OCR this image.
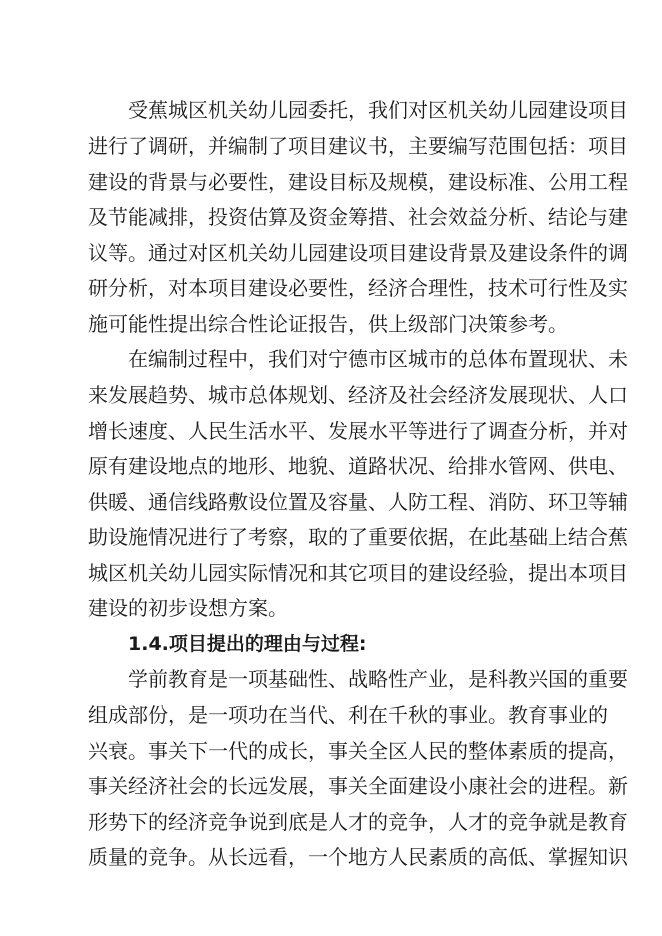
受蕉城区机关幼儿园委托，我们对区机关幼儿园建设项目
进行了调研，并编制了项目建议书，主要编写范围包括：项目
建设的背景与必要性，建设目标及规模，建设标准、公用工程
及节能减排，投资估算及资金筹措、社会效益分析、结论与建
议等。通过对区机关幼儿园建设项目建设背景及建设条件的调
研分析，对本项目建设必要性，经济合理性，技术可行性及实
施可能性提出综合性论证报告，供上级部门决策参考。
在编制过程中，我们对宁德市区城市的总体布置现状、未
来发展趋势、城市总体规划、经济及社会经济发展现状、人口
增长速度、人民生活水平、发展水平等进行了调查分析，并对
原有建设地点的地形、地貌、道路状况、给排水管网、供电、
供暖、通信线路敷设位置及容量、人防工程、消防、环卫等辅
助设施情况进行了考察，取的了重要依据，在此基础上结合蕉
城区机关幼儿园实际情况和其它项目的建设经验，提出本项目
建设的初步设想方案。
1.4.项目提出的理由与过程:
学前教育是一项基础性、战略性产业，是科教兴国的重要
组成部份，是一项功在当代、利在千秋的事业。教育事业的
兴衰。事关下一代的成长，事关全区人民的整体素质的提高，
事关经济社会的长远发展，事关全面建设小康社会的进程。新
形势下的经济竞争说到底是人才的竞争，人才的竞争就是教育
质量的竞争。从长远看，一个地方人民素质的高低、掌握知识
